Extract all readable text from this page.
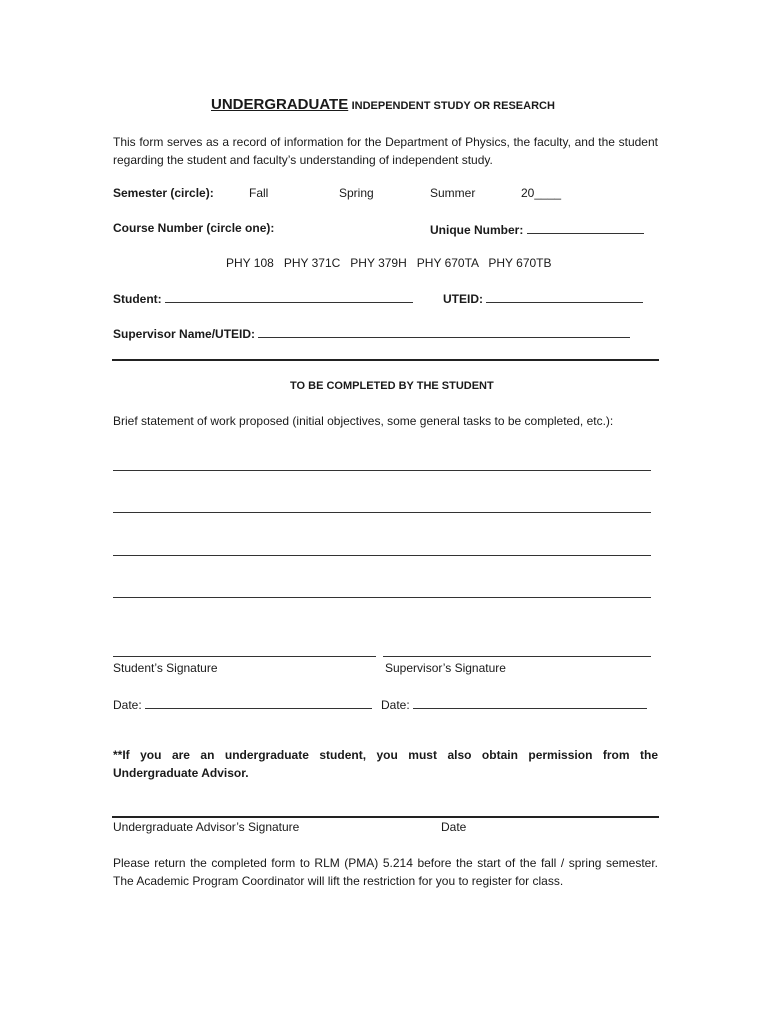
UNDERGRADUATE INDEPENDENT STUDY OR RESEARCH
This form serves as a record of information for the Department of Physics, the faculty, and the student regarding the student and faculty’s understanding of independent study.
Semester (circle):	Fall	Spring	Summer	20____
Course Number (circle one):	Unique Number:
PHY 108   PHY 371C   PHY 379H   PHY 670TA   PHY 670TB
Student:	UTEID:
Supervisor Name/UTEID:
TO BE COMPLETED BY THE STUDENT
Brief statement of work proposed (initial objectives, some general tasks to be completed, etc.):
Student’s Signature	Supervisor’s Signature
Date:	Date:
**If you are an undergraduate student, you must also obtain permission from the Undergraduate Advisor.
Undergraduate Advisor’s Signature	Date
Please return the completed form to RLM (PMA) 5.214 before the start of the fall / spring semester. The Academic Program Coordinator will lift the restriction for you to register for class.
